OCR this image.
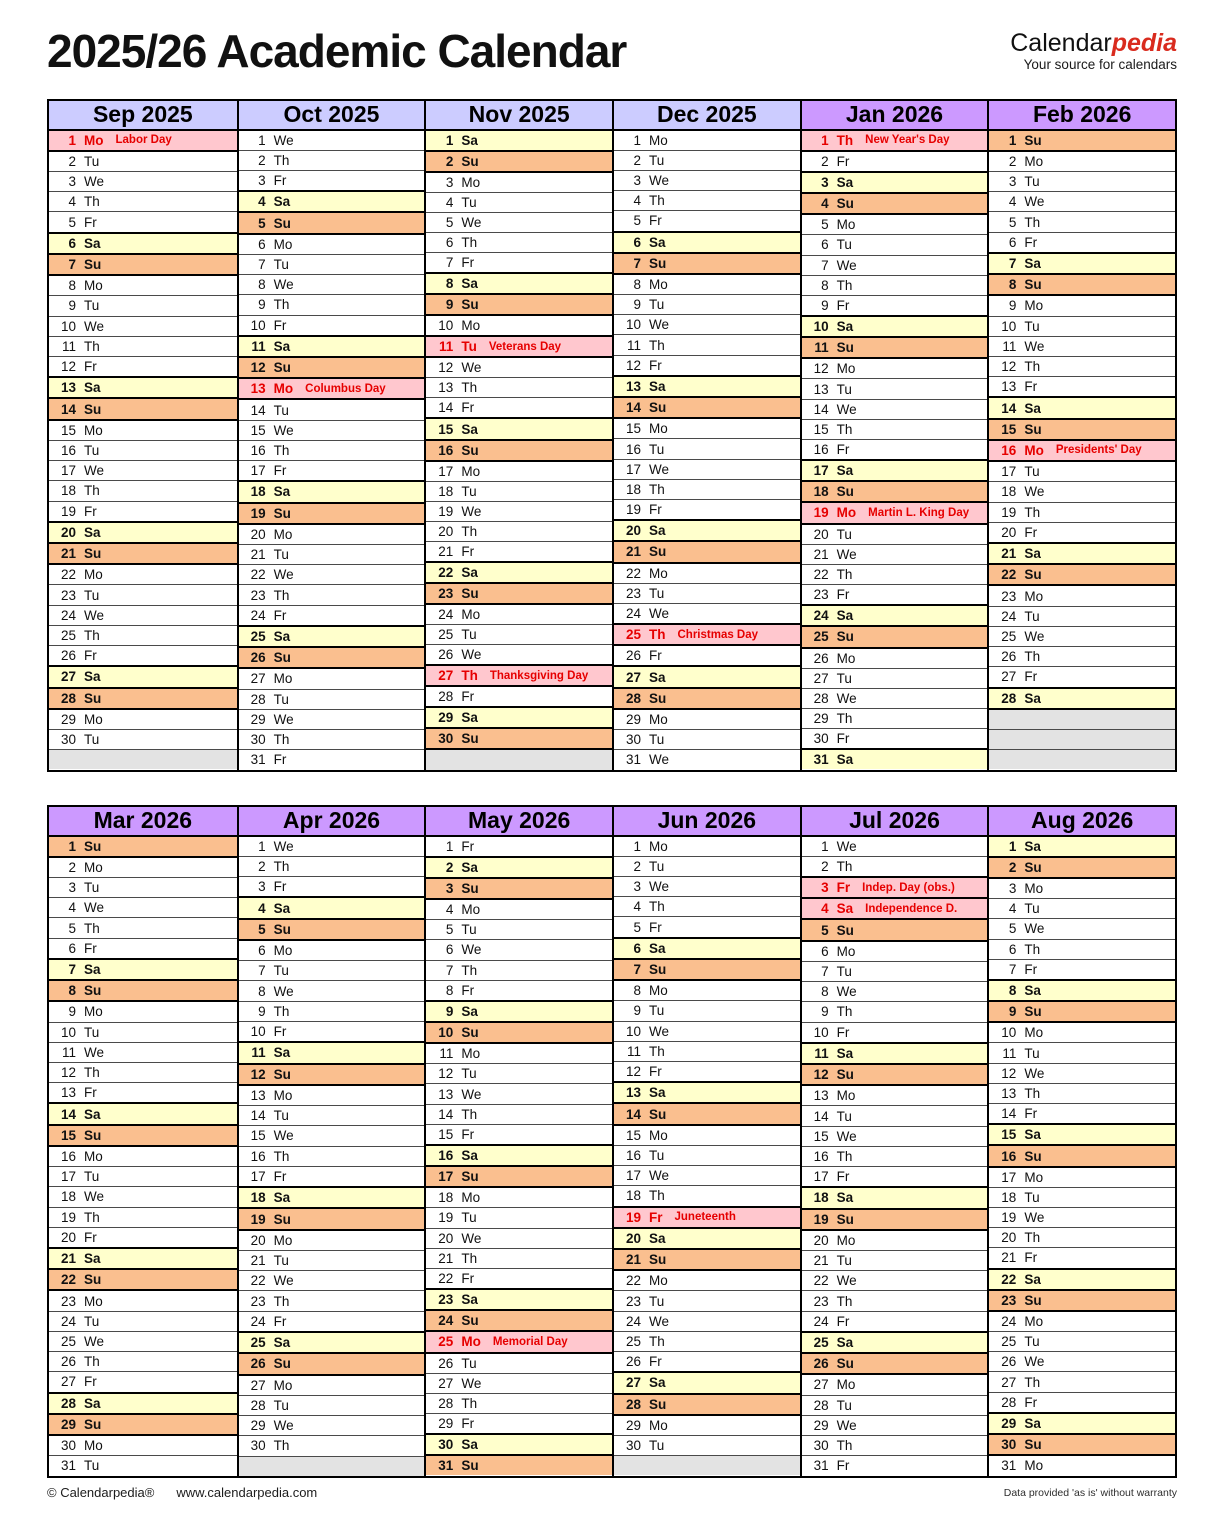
2025/26 Academic Calendar	Calendarpedia
Your source for calendars
Sep 2025
1 Mo Labor Day
2 Tu
3 We
4 Th
5 Fr
6 Sa
7 Su
8 Mo
9 Tu
10 We
11 Th
12 Fr
13 Sa
14 Su
15 Mo
16 Tu
17 We
18 Th
19 Fr
20 Sa
21 Su
22 Mo
23 Tu
24 We
25 Th
26 Fr
27 Sa
28 Su
29 Mo
30 Tu
Oct 2025
1 We
2 Th
3 Fr
4 Sa
5 Su
6 Mo
7 Tu
8 We
9 Th
10 Fr
11 Sa
12 Su
13 Mo Columbus Day
14 Tu
15 We
16 Th
17 Fr
18 Sa
19 Su
20 Mo
21 Tu
22 We
23 Th
24 Fr
25 Sa
26 Su
27 Mo
28 Tu
29 We
30 Th
31 Fr
Nov 2025
1 Sa
2 Su
3 Mo
4 Tu
5 We
6 Th
7 Fr
8 Sa
9 Su
10 Mo
11 Tu Veterans Day
12 We
13 Th
14 Fr
15 Sa
16 Su
17 Mo
18 Tu
19 We
20 Th
21 Fr
22 Sa
23 Su
24 Mo
25 Tu
26 We
27 Th Thanksgiving Day
28 Fr
29 Sa
30 Su
Dec 2025
1 Mo
2 Tu
3 We
4 Th
5 Fr
6 Sa
7 Su
8 Mo
9 Tu
10 We
11 Th
12 Fr
13 Sa
14 Su
15 Mo
16 Tu
17 We
18 Th
19 Fr
20 Sa
21 Su
22 Mo
23 Tu
24 We
25 Th Christmas Day
26 Fr
27 Sa
28 Su
29 Mo
30 Tu
31 We
Jan 2026
1 Th New Year's Day
2 Fr
3 Sa
4 Su
5 Mo
6 Tu
7 We
8 Th
9 Fr
10 Sa
11 Su
12 Mo
13 Tu
14 We
15 Th
16 Fr
17 Sa
18 Su
19 Mo Martin L. King Day
20 Tu
21 We
22 Th
23 Fr
24 Sa
25 Su
26 Mo
27 Tu
28 We
29 Th
30 Fr
31 Sa
Feb 2026
1 Su
2 Mo
3 Tu
4 We
5 Th
6 Fr
7 Sa
8 Su
9 Mo
10 Tu
11 We
12 Th
13 Fr
14 Sa
15 Su
16 Mo Presidents' Day
17 Tu
18 We
19 Th
20 Fr
21 Sa
22 Su
23 Mo
24 Tu
25 We
26 Th
27 Fr
28 Sa
Mar 2026
1 Su
2 Mo
3 Tu
4 We
5 Th
6 Fr
7 Sa
8 Su
9 Mo
10 Tu
11 We
12 Th
13 Fr
14 Sa
15 Su
16 Mo
17 Tu
18 We
19 Th
20 Fr
21 Sa
22 Su
23 Mo
24 Tu
25 We
26 Th
27 Fr
28 Sa
29 Su
30 Mo
31 Tu
Apr 2026
1 We
2 Th
3 Fr
4 Sa
5 Su
6 Mo
7 Tu
8 We
9 Th
10 Fr
11 Sa
12 Su
13 Mo
14 Tu
15 We
16 Th
17 Fr
18 Sa
19 Su
20 Mo
21 Tu
22 We
23 Th
24 Fr
25 Sa
26 Su
27 Mo
28 Tu
29 We
30 Th
May 2026
1 Fr
2 Sa
3 Su
4 Mo
5 Tu
6 We
7 Th
8 Fr
9 Sa
10 Su
11 Mo
12 Tu
13 We
14 Th
15 Fr
16 Sa
17 Su
18 Mo
19 Tu
20 We
21 Th
22 Fr
23 Sa
24 Su
25 Mo Memorial Day
26 Tu
27 We
28 Th
29 Fr
30 Sa
31 Su
Jun 2026
1 Mo
2 Tu
3 We
4 Th
5 Fr
6 Sa
7 Su
8 Mo
9 Tu
10 We
11 Th
12 Fr
13 Sa
14 Su
15 Mo
16 Tu
17 We
18 Th
19 Fr Juneteenth
20 Sa
21 Su
22 Mo
23 Tu
24 We
25 Th
26 Fr
27 Sa
28 Su
29 Mo
30 Tu
Jul 2026
1 We
2 Th
3 Fr Indep. Day (obs.)
4 Sa Independence D.
5 Su
6 Mo
7 Tu
8 We
9 Th
10 Fr
11 Sa
12 Su
13 Mo
14 Tu
15 We
16 Th
17 Fr
18 Sa
19 Su
20 Mo
21 Tu
22 We
23 Th
24 Fr
25 Sa
26 Su
27 Mo
28 Tu
29 We
30 Th
31 Fr
Aug 2026
1 Sa
2 Su
3 Mo
4 Tu
5 We
6 Th
7 Fr
8 Sa
9 Su
10 Mo
11 Tu
12 We
13 Th
14 Fr
15 Sa
16 Su
17 Mo
18 Tu
19 We
20 Th
21 Fr
22 Sa
23 Su
24 Mo
25 Tu
26 We
27 Th
28 Fr
29 Sa
30 Su
31 Mo
© Calendarpedia® www.calendarpedia.com	Data provided 'as is' without warranty
